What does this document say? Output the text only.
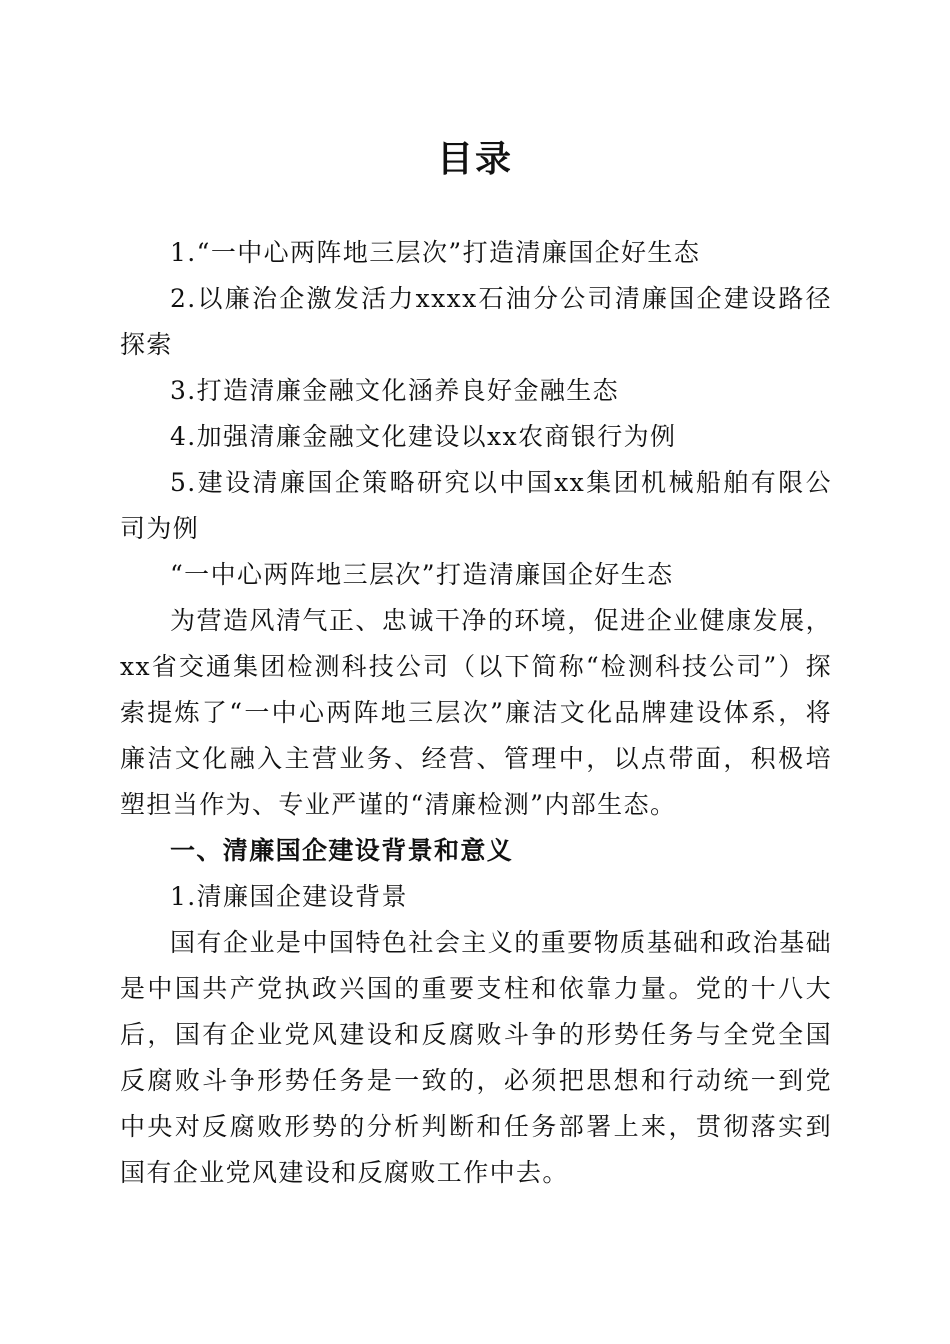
目录

1.“一中心两阵地三层次”打造清廉国企好生态

2.以廉治企激发活力xxxx石油分公司清廉国企建设路径探索

3.打造清廉金融文化涵养良好金融生态

4.加强清廉金融文化建设以xx农商银行为例

5.建设清廉国企策略研究以中国xx集团机械船舶有限公司为例

“一中心两阵地三层次”打造清廉国企好生态

为营造风清气正、忠诚干净的环境，促进企业健康发展，xx省交通集团检测科技公司（以下简称“检测科技公司”）探索提炼了“一中心两阵地三层次”廉洁文化品牌建设体系，将廉洁文化融入主营业务、经营、管理中，以点带面，积极培塑担当作为、专业严谨的“清廉检测”内部生态。

一、清廉国企建设背景和意义

1.清廉国企建设背景

国有企业是中国特色社会主义的重要物质基础和政治基础是中国共产党执政兴国的重要支柱和依靠力量。党的十八大后，国有企业党风建设和反腐败斗争的形势任务与全党全国反腐败斗争形势任务是一致的，必须把思想和行动统一到党中央对反腐败形势的分析判断和任务部署上来，贯彻落实到国有企业党风建设和反腐败工作中去。
